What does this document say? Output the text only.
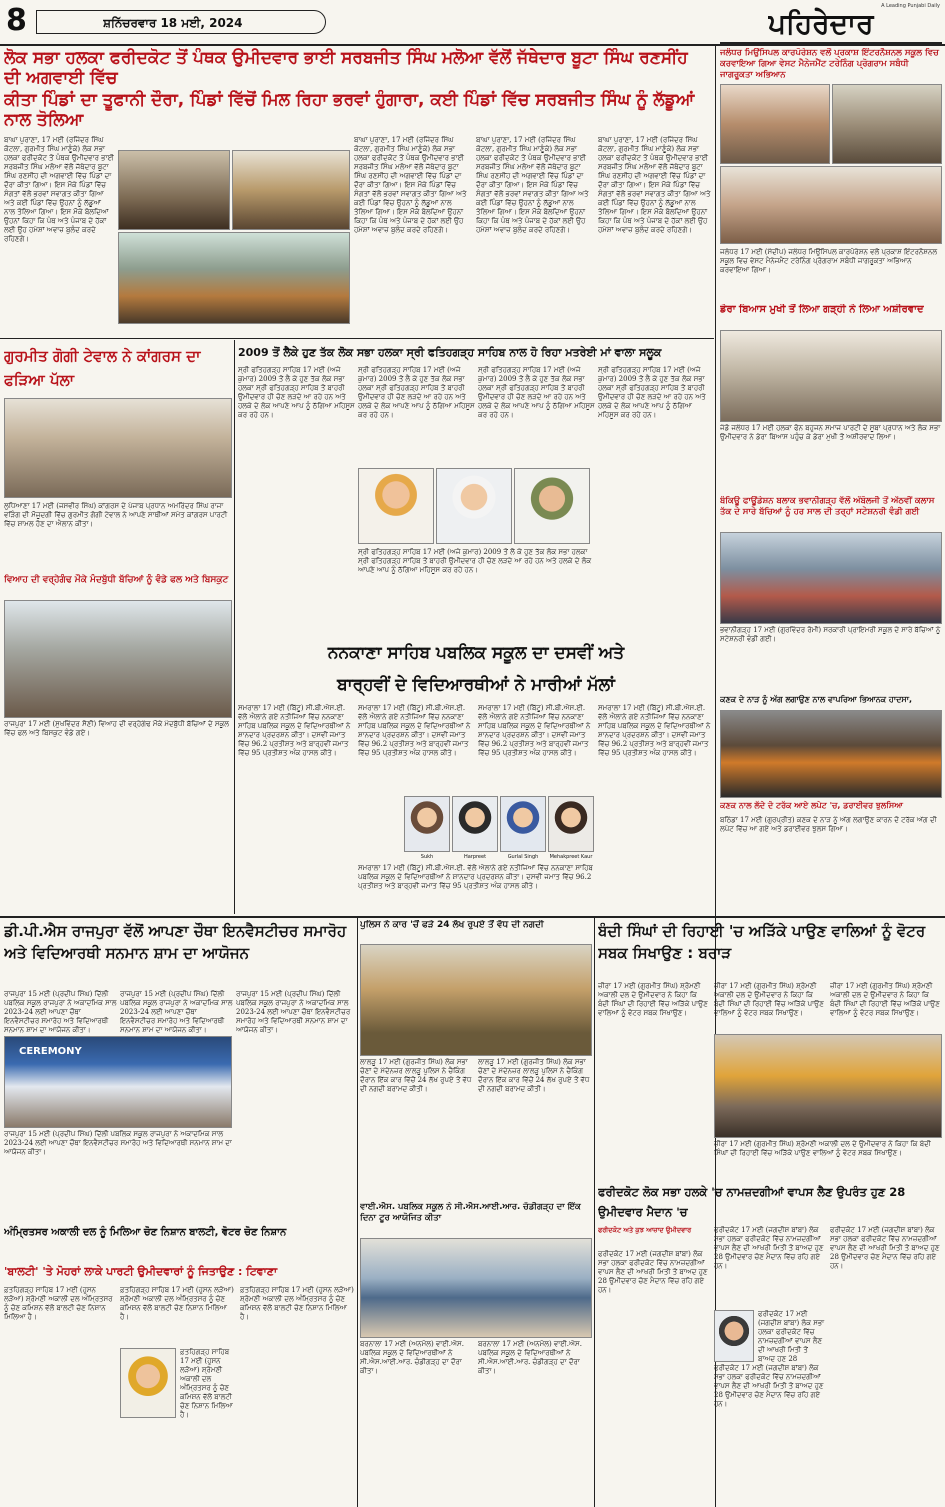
8	ਸ਼ਨਿੱਚਰਵਾਰ 18 ਮਈ, 2024	ਪਹਿਰੇਦਾਰ
A Leading Punjabi Daily
ਲੋਕ ਸਭਾ ਹਲਕਾ ਫਰੀਦਕੋਟ ਤੋਂ ਪੰਥਕ ਉਮੀਦਵਾਰ ਭਾਈ ਸਰਬਜੀਤ ਸਿੰਘ ਮਲੋਆ ਵੱਲੋਂ ਜੱਥੇਦਾਰ ਬੂਟਾ ਸਿੰਘ ਰਣਸੀਂਹ ਦੀ ਅਗਵਾਈ ਵਿੱਚ
ਕੀਤਾ ਪਿੰਡਾਂ ਦਾ ਤੂਫਾਨੀ ਦੌਰਾ, ਪਿੰਡਾਂ ਵਿੱਚੋਂ ਮਿਲ ਰਿਹਾ ਭਰਵਾਂ ਹੁੰਗਾਰਾ, ਕਈ ਪਿੰਡਾਂ ਵਿੱਚ ਸਰਬਜੀਤ ਸਿੰਘ ਨੂੰ ਲੱਡੂਆਂ ਨਾਲ ਤੋਲਿਆ
ਬਾਘਾ ਪੁਰਾਣਾ, 17 ਮਈ (ਰਜਿੰਦਰ ਸਿੰਘ ਕੋਟਲਾ, ਗੁਰਮੀਤ ਸਿੰਘ ਮਾਣੂੰਕੇ) ਲੋਕ ਸਭਾ ਹਲਕਾ ਫਰੀਦਕੋਟ ਤੋਂ ਪੰਥਕ ਉਮੀਦਵਾਰ ਭਾਈ ਸਰਬਜੀਤ ਸਿੰਘ ਮਲੋਆ ਵੱਲੋਂ ਜੱਥੇਦਾਰ ਬੂਟਾ ਸਿੰਘ ਰਣਸੀਂਹ ਦੀ ਅਗਵਾਈ ਵਿੱਚ ਪਿੰਡਾਂ ਦਾ ਦੌਰਾ ਕੀਤਾ ਗਿਆ। ਇਸ ਮੌਕੇ ਪਿੰਡਾਂ ਵਿੱਚ ਸੰਗਤਾਂ ਵੱਲੋਂ ਭਰਵਾਂ ਸਵਾਗਤ ਕੀਤਾ ਗਿਆ ਅਤੇ ਕਈ ਪਿੰਡਾਂ ਵਿੱਚ ਉਹਨਾਂ ਨੂੰ ਲੱਡੂਆਂ ਨਾਲ ਤੋਲਿਆ ਗਿਆ। ਇਸ ਮੌਕੇ ਬੋਲਦਿਆਂ ਉਹਨਾਂ ਕਿਹਾ ਕਿ ਪੰਥ ਅਤੇ ਪੰਜਾਬ ਦੇ ਹੱਕਾਂ ਲਈ ਉਹ ਹਮੇਸ਼ਾਂ ਅਵਾਜ਼ ਬੁਲੰਦ ਕਰਦੇ ਰਹਿਣਗੇ।
ਬਾਘਾ ਪੁਰਾਣਾ, 17 ਮਈ (ਰਜਿੰਦਰ ਸਿੰਘ ਕੋਟਲਾ, ਗੁਰਮੀਤ ਸਿੰਘ ਮਾਣੂੰਕੇ) ਲੋਕ ਸਭਾ ਹਲਕਾ ਫਰੀਦਕੋਟ ਤੋਂ ਪੰਥਕ ਉਮੀਦਵਾਰ ਭਾਈ ਸਰਬਜੀਤ ਸਿੰਘ ਮਲੋਆ ਵੱਲੋਂ ਜੱਥੇਦਾਰ ਬੂਟਾ ਸਿੰਘ ਰਣਸੀਂਹ ਦੀ ਅਗਵਾਈ ਵਿੱਚ ਪਿੰਡਾਂ ਦਾ ਦੌਰਾ ਕੀਤਾ ਗਿਆ। ਇਸ ਮੌਕੇ ਪਿੰਡਾਂ ਵਿੱਚ ਸੰਗਤਾਂ ਵੱਲੋਂ ਭਰਵਾਂ ਸਵਾਗਤ ਕੀਤਾ ਗਿਆ ਅਤੇ ਕਈ ਪਿੰਡਾਂ ਵਿੱਚ ਉਹਨਾਂ ਨੂੰ ਲੱਡੂਆਂ ਨਾਲ ਤੋਲਿਆ ਗਿਆ। ਇਸ ਮੌਕੇ ਬੋਲਦਿਆਂ ਉਹਨਾਂ ਕਿਹਾ ਕਿ ਪੰਥ ਅਤੇ ਪੰਜਾਬ ਦੇ ਹੱਕਾਂ ਲਈ ਉਹ ਹਮੇਸ਼ਾਂ ਅਵਾਜ਼ ਬੁਲੰਦ ਕਰਦੇ ਰਹਿਣਗੇ।
ਬਾਘਾ ਪੁਰਾਣਾ, 17 ਮਈ (ਰਜਿੰਦਰ ਸਿੰਘ ਕੋਟਲਾ, ਗੁਰਮੀਤ ਸਿੰਘ ਮਾਣੂੰਕੇ) ਲੋਕ ਸਭਾ ਹਲਕਾ ਫਰੀਦਕੋਟ ਤੋਂ ਪੰਥਕ ਉਮੀਦਵਾਰ ਭਾਈ ਸਰਬਜੀਤ ਸਿੰਘ ਮਲੋਆ ਵੱਲੋਂ ਜੱਥੇਦਾਰ ਬੂਟਾ ਸਿੰਘ ਰਣਸੀਂਹ ਦੀ ਅਗਵਾਈ ਵਿੱਚ ਪਿੰਡਾਂ ਦਾ ਦੌਰਾ ਕੀਤਾ ਗਿਆ। ਇਸ ਮੌਕੇ ਪਿੰਡਾਂ ਵਿੱਚ ਸੰਗਤਾਂ ਵੱਲੋਂ ਭਰਵਾਂ ਸਵਾਗਤ ਕੀਤਾ ਗਿਆ ਅਤੇ ਕਈ ਪਿੰਡਾਂ ਵਿੱਚ ਉਹਨਾਂ ਨੂੰ ਲੱਡੂਆਂ ਨਾਲ ਤੋਲਿਆ ਗਿਆ। ਇਸ ਮੌਕੇ ਬੋਲਦਿਆਂ ਉਹਨਾਂ ਕਿਹਾ ਕਿ ਪੰਥ ਅਤੇ ਪੰਜਾਬ ਦੇ ਹੱਕਾਂ ਲਈ ਉਹ ਹਮੇਸ਼ਾਂ ਅਵਾਜ਼ ਬੁਲੰਦ ਕਰਦੇ ਰਹਿਣਗੇ।
ਬਾਘਾ ਪੁਰਾਣਾ, 17 ਮਈ (ਰਜਿੰਦਰ ਸਿੰਘ ਕੋਟਲਾ, ਗੁਰਮੀਤ ਸਿੰਘ ਮਾਣੂੰਕੇ) ਲੋਕ ਸਭਾ ਹਲਕਾ ਫਰੀਦਕੋਟ ਤੋਂ ਪੰਥਕ ਉਮੀਦਵਾਰ ਭਾਈ ਸਰਬਜੀਤ ਸਿੰਘ ਮਲੋਆ ਵੱਲੋਂ ਜੱਥੇਦਾਰ ਬੂਟਾ ਸਿੰਘ ਰਣਸੀਂਹ ਦੀ ਅਗਵਾਈ ਵਿੱਚ ਪਿੰਡਾਂ ਦਾ ਦੌਰਾ ਕੀਤਾ ਗਿਆ। ਇਸ ਮੌਕੇ ਪਿੰਡਾਂ ਵਿੱਚ ਸੰਗਤਾਂ ਵੱਲੋਂ ਭਰਵਾਂ ਸਵਾਗਤ ਕੀਤਾ ਗਿਆ ਅਤੇ ਕਈ ਪਿੰਡਾਂ ਵਿੱਚ ਉਹਨਾਂ ਨੂੰ ਲੱਡੂਆਂ ਨਾਲ ਤੋਲਿਆ ਗਿਆ। ਇਸ ਮੌਕੇ ਬੋਲਦਿਆਂ ਉਹਨਾਂ ਕਿਹਾ ਕਿ ਪੰਥ ਅਤੇ ਪੰਜਾਬ ਦੇ ਹੱਕਾਂ ਲਈ ਉਹ ਹਮੇਸ਼ਾਂ ਅਵਾਜ਼ ਬੁਲੰਦ ਕਰਦੇ ਰਹਿਣਗੇ।
ਜਲੰਧਰ ਮਿਉਂਸਿਪਲ ਕਾਰਪੋਰੇਸ਼ਨ ਵਲੋਂ ਪ੍ਰਕਾਸ਼ ਇੰਟਰਨੈਸ਼ਨਲ ਸਕੂਲ ਵਿਚ ਕਰਵਾਇਆ ਗਿਆ ਵੇਸਟ ਮੈਨੇਜਮੈਂਟ ਟਰੇਨਿੰਗ ਪ੍ਰੋਗਰਾਮ ਸਬੰਧੀ ਜਾਗਰੂਕਤਾ ਅਭਿਆਨ
ਜਲੰਧਰ 17 ਮਈ (ਸੰਦੀਪ) ਜਲੰਧਰ ਮਿਉਂਸਿਪਲ ਕਾਰਪੋਰੇਸ਼ਨ ਵਲੋਂ ਪ੍ਰਕਾਸ਼ ਇੰਟਰਨੈਸ਼ਨਲ ਸਕੂਲ ਵਿਚ ਵੇਸਟ ਮੈਨੇਜਮੈਂਟ ਟਰੇਨਿੰਗ ਪ੍ਰੋਗਰਾਮ ਸਬੰਧੀ ਜਾਗਰੂਕਤਾ ਅਭਿਆਨ ਕਰਵਾਇਆ ਗਿਆ।
ਡੇਰਾ ਬਿਆਸ ਮੁਖੀ ਤੋਂ ਲਿਆ ਗੜ੍ਹੀ ਨੇ ਲਿਆ ਅਸ਼ੀਰਵਾਦ
ਜੰਡੋ ਜਲੰਧਰ 17 ਮਈ ਹਲਕਾ ਫੋਨ ਬਹੁਜਨ ਸਮਾਜ ਪਾਰਟੀ ਦੇ ਸੂਬਾ ਪ੍ਰਧਾਨ ਅਤੇ ਲੋਕ ਸਭਾ ਉਮੀਦਵਾਰ ਨੇ ਡੇਰਾ ਬਿਆਸ ਪਹੁੰਚ ਕੇ ਡੇਰਾ ਮੁਖੀ ਤੋਂ ਅਸ਼ੀਰਵਾਦ ਲਿਆ।
ਬੰਕਿਊ ਫਾਊਂਡੇਸ਼ਨ ਬਲਾਕ ਭਵਾਨੀਗੜ੍ਹ ਵੱਲੋਂ ਅੰਬੋਲਜੀ ਤੋਂ ਅੱਠਵੀਂ ਕਲਾਸ ਤੱਕ ਦੇ ਸਾਰੇ ਬੱਚਿਆਂ ਨੂੰ ਹਰ ਸਾਲ ਦੀ ਤਰ੍ਹਾਂ ਸਟੇਸ਼ਨਰੀ ਵੰਡੀ ਗਈ
ਭਵਾਨੀਗੜ੍ਹ 17 ਮਈ (ਗੁਰਵਿੰਦਰ ਰੋਮੀ) ਸਰਕਾਰੀ ਪ੍ਰਾਇਮਰੀ ਸਕੂਲ ਦੇ ਸਾਰੇ ਬੱਚਿਆਂ ਨੂੰ ਸਟੇਸ਼ਨਰੀ ਵੰਡੀ ਗਈ।
ਕਣਕ ਦੇ ਨਾੜ ਨੂੰ ਅੱਗ ਲਗਾਉਣ ਨਾਲ ਵਾਪਰਿਆ ਭਿਆਨਕ ਹਾਦਸਾ,
ਕਣਕ ਨਾਲ ਲੱਦੇ ਦੋ ਟਰੱਕ ਆਏ ਲਪੇਟ 'ਚ, ਡਰਾਈਵਰ ਝੁਲਸਿਆ
ਬਠਿੰਡਾ 17 ਮਈ (ਗੁਰਪ੍ਰੀਤ) ਕਣਕ ਦੇ ਨਾੜ ਨੂੰ ਅੱਗ ਲਗਾਉਣ ਕਾਰਨ ਦੋ ਟਰੱਕ ਅੱਗ ਦੀ ਲਪੇਟ ਵਿੱਚ ਆ ਗਏ ਅਤੇ ਡਰਾਈਵਰ ਝੁਲਸ ਗਿਆ।
ਗੁਰਮੀਤ ਗੋਗੀ ਟੇਵਾਲ ਨੇ ਕਾਂਗਰਸ ਦਾ ਫੜਿਆ ਪੱਲਾ
ਲੁਧਿਆਣਾ 17 ਮਈ (ਜਸਵੀਰ ਸਿੰਘ) ਕਾਂਗਰਸ ਦੇ ਪੰਜਾਬ ਪ੍ਰਧਾਨ ਅਮਰਿੰਦਰ ਸਿੰਘ ਰਾਜਾ ਵੜਿੰਗ ਦੀ ਮੌਜੂਦਗੀ ਵਿੱਚ ਗੁਰਮੀਤ ਗੋਗੀ ਟੇਵਾਲ ਨੇ ਆਪਣੇ ਸਾਥੀਆਂ ਸਮੇਤ ਕਾਂਗਰਸ ਪਾਰਟੀ ਵਿੱਚ ਸ਼ਾਮਲ ਹੋਣ ਦਾ ਐਲਾਨ ਕੀਤਾ।
ਵਿਆਹ ਦੀ ਵਰ੍ਹੇਗੰਢ ਮੌਕੇ ਮੰਦਬੁੱਧੀ ਬੱਚਿਆਂ ਨੂੰ ਵੰਡੇ ਫਲ ਅਤੇ ਬਿਸਕੁਟ
ਰਾਜਪੁਰਾ 17 ਮਈ (ਸੁਖਵਿੰਦਰ ਸੈਣੀ) ਵਿਆਹ ਦੀ ਵਰ੍ਹੇਗੰਢ ਮੌਕੇ ਮੰਦਬੁੱਧੀ ਬੱਚਿਆਂ ਦੇ ਸਕੂਲ ਵਿੱਚ ਫਲ ਅਤੇ ਬਿਸਕੁਟ ਵੰਡੇ ਗਏ।
2009 ਤੋਂ ਲੈਕੇ ਹੁਣ ਤੱਕ ਲੋਕ ਸਭਾ ਹਲਕਾ ਸ੍ਰੀ ਫਤਿਹਗੜ੍ਹ ਸਾਹਿਬ ਨਾਲ ਹੋ ਰਿਹਾ ਮਤਰੇਈ ਮਾਂ ਵਾਲਾ ਸਲੂਕ
ਸ੍ਰੀ ਫਤਿਹਗੜ੍ਹ ਸਾਹਿਬ 17 ਮਈ (ਅਜੇ ਕੁਮਾਰ) 2009 ਤੋਂ ਲੈ ਕੇ ਹੁਣ ਤੱਕ ਲੋਕ ਸਭਾ ਹਲਕਾ ਸ੍ਰੀ ਫਤਿਹਗੜ੍ਹ ਸਾਹਿਬ ਤੋਂ ਬਾਹਰੀ ਉਮੀਦਵਾਰ ਹੀ ਚੋਣ ਲੜਦੇ ਆ ਰਹੇ ਹਨ ਅਤੇ ਹਲਕੇ ਦੇ ਲੋਕ ਆਪਣੇ ਆਪ ਨੂੰ ਠੱਗਿਆ ਮਹਿਸੂਸ ਕਰ ਰਹੇ ਹਨ।
ਸ੍ਰੀ ਫਤਿਹਗੜ੍ਹ ਸਾਹਿਬ 17 ਮਈ (ਅਜੇ ਕੁਮਾਰ) 2009 ਤੋਂ ਲੈ ਕੇ ਹੁਣ ਤੱਕ ਲੋਕ ਸਭਾ ਹਲਕਾ ਸ੍ਰੀ ਫਤਿਹਗੜ੍ਹ ਸਾਹਿਬ ਤੋਂ ਬਾਹਰੀ ਉਮੀਦਵਾਰ ਹੀ ਚੋਣ ਲੜਦੇ ਆ ਰਹੇ ਹਨ ਅਤੇ ਹਲਕੇ ਦੇ ਲੋਕ ਆਪਣੇ ਆਪ ਨੂੰ ਠੱਗਿਆ ਮਹਿਸੂਸ ਕਰ ਰਹੇ ਹਨ।
ਸ੍ਰੀ ਫਤਿਹਗੜ੍ਹ ਸਾਹਿਬ 17 ਮਈ (ਅਜੇ ਕੁਮਾਰ) 2009 ਤੋਂ ਲੈ ਕੇ ਹੁਣ ਤੱਕ ਲੋਕ ਸਭਾ ਹਲਕਾ ਸ੍ਰੀ ਫਤਿਹਗੜ੍ਹ ਸਾਹਿਬ ਤੋਂ ਬਾਹਰੀ ਉਮੀਦਵਾਰ ਹੀ ਚੋਣ ਲੜਦੇ ਆ ਰਹੇ ਹਨ ਅਤੇ ਹਲਕੇ ਦੇ ਲੋਕ ਆਪਣੇ ਆਪ ਨੂੰ ਠੱਗਿਆ ਮਹਿਸੂਸ ਕਰ ਰਹੇ ਹਨ।
ਸ੍ਰੀ ਫਤਿਹਗੜ੍ਹ ਸਾਹਿਬ 17 ਮਈ (ਅਜੇ ਕੁਮਾਰ) 2009 ਤੋਂ ਲੈ ਕੇ ਹੁਣ ਤੱਕ ਲੋਕ ਸਭਾ ਹਲਕਾ ਸ੍ਰੀ ਫਤਿਹਗੜ੍ਹ ਸਾਹਿਬ ਤੋਂ ਬਾਹਰੀ ਉਮੀਦਵਾਰ ਹੀ ਚੋਣ ਲੜਦੇ ਆ ਰਹੇ ਹਨ ਅਤੇ ਹਲਕੇ ਦੇ ਲੋਕ ਆਪਣੇ ਆਪ ਨੂੰ ਠੱਗਿਆ ਮਹਿਸੂਸ ਕਰ ਰਹੇ ਹਨ।
ਸ੍ਰੀ ਫਤਿਹਗੜ੍ਹ ਸਾਹਿਬ 17 ਮਈ (ਅਜੇ ਕੁਮਾਰ) 2009 ਤੋਂ ਲੈ ਕੇ ਹੁਣ ਤੱਕ ਲੋਕ ਸਭਾ ਹਲਕਾ ਸ੍ਰੀ ਫਤਿਹਗੜ੍ਹ ਸਾਹਿਬ ਤੋਂ ਬਾਹਰੀ ਉਮੀਦਵਾਰ ਹੀ ਚੋਣ ਲੜਦੇ ਆ ਰਹੇ ਹਨ ਅਤੇ ਹਲਕੇ ਦੇ ਲੋਕ ਆਪਣੇ ਆਪ ਨੂੰ ਠੱਗਿਆ ਮਹਿਸੂਸ ਕਰ ਰਹੇ ਹਨ।
ਨਨਕਾਣਾ ਸਾਹਿਬ ਪਬਲਿਕ ਸਕੂਲ ਦਾ ਦਸਵੀਂ ਅਤੇ
ਬਾਰ੍ਹਵੀਂ ਦੇ ਵਿਦਿਆਰਥੀਆਂ ਨੇ ਮਾਰੀਆਂ ਮੱਲਾਂ
ਸਮਰਾਲਾ 17 ਮਈ (ਬਿੱਟੂ) ਸੀ.ਬੀ.ਐਸ.ਈ. ਵੱਲੋਂ ਐਲਾਨੇ ਗਏ ਨਤੀਜਿਆਂ ਵਿੱਚ ਨਨਕਾਣਾ ਸਾਹਿਬ ਪਬਲਿਕ ਸਕੂਲ ਦੇ ਵਿਦਿਆਰਥੀਆਂ ਨੇ ਸ਼ਾਨਦਾਰ ਪ੍ਰਦਰਸ਼ਨ ਕੀਤਾ। ਦਸਵੀਂ ਜਮਾਤ ਵਿੱਚ 96.2 ਪ੍ਰਤੀਸ਼ਤ ਅਤੇ ਬਾਰ੍ਹਵੀਂ ਜਮਾਤ ਵਿੱਚ 95 ਪ੍ਰਤੀਸ਼ਤ ਅੰਕ ਹਾਸਲ ਕੀਤੇ।
ਸਮਰਾਲਾ 17 ਮਈ (ਬਿੱਟੂ) ਸੀ.ਬੀ.ਐਸ.ਈ. ਵੱਲੋਂ ਐਲਾਨੇ ਗਏ ਨਤੀਜਿਆਂ ਵਿੱਚ ਨਨਕਾਣਾ ਸਾਹਿਬ ਪਬਲਿਕ ਸਕੂਲ ਦੇ ਵਿਦਿਆਰਥੀਆਂ ਨੇ ਸ਼ਾਨਦਾਰ ਪ੍ਰਦਰਸ਼ਨ ਕੀਤਾ। ਦਸਵੀਂ ਜਮਾਤ ਵਿੱਚ 96.2 ਪ੍ਰਤੀਸ਼ਤ ਅਤੇ ਬਾਰ੍ਹਵੀਂ ਜਮਾਤ ਵਿੱਚ 95 ਪ੍ਰਤੀਸ਼ਤ ਅੰਕ ਹਾਸਲ ਕੀਤੇ।
ਸਮਰਾਲਾ 17 ਮਈ (ਬਿੱਟੂ) ਸੀ.ਬੀ.ਐਸ.ਈ. ਵੱਲੋਂ ਐਲਾਨੇ ਗਏ ਨਤੀਜਿਆਂ ਵਿੱਚ ਨਨਕਾਣਾ ਸਾਹਿਬ ਪਬਲਿਕ ਸਕੂਲ ਦੇ ਵਿਦਿਆਰਥੀਆਂ ਨੇ ਸ਼ਾਨਦਾਰ ਪ੍ਰਦਰਸ਼ਨ ਕੀਤਾ। ਦਸਵੀਂ ਜਮਾਤ ਵਿੱਚ 96.2 ਪ੍ਰਤੀਸ਼ਤ ਅਤੇ ਬਾਰ੍ਹਵੀਂ ਜਮਾਤ ਵਿੱਚ 95 ਪ੍ਰਤੀਸ਼ਤ ਅੰਕ ਹਾਸਲ ਕੀਤੇ।
ਸਮਰਾਲਾ 17 ਮਈ (ਬਿੱਟੂ) ਸੀ.ਬੀ.ਐਸ.ਈ. ਵੱਲੋਂ ਐਲਾਨੇ ਗਏ ਨਤੀਜਿਆਂ ਵਿੱਚ ਨਨਕਾਣਾ ਸਾਹਿਬ ਪਬਲਿਕ ਸਕੂਲ ਦੇ ਵਿਦਿਆਰਥੀਆਂ ਨੇ ਸ਼ਾਨਦਾਰ ਪ੍ਰਦਰਸ਼ਨ ਕੀਤਾ। ਦਸਵੀਂ ਜਮਾਤ ਵਿੱਚ 96.2 ਪ੍ਰਤੀਸ਼ਤ ਅਤੇ ਬਾਰ੍ਹਵੀਂ ਜਮਾਤ ਵਿੱਚ 95 ਪ੍ਰਤੀਸ਼ਤ ਅੰਕ ਹਾਸਲ ਕੀਤੇ।
Sukh	Harpreet	Gurlal Singh	Mehakpreet Kaur
ਸਮਰਾਲਾ 17 ਮਈ (ਬਿੱਟੂ) ਸੀ.ਬੀ.ਐਸ.ਈ. ਵੱਲੋਂ ਐਲਾਨੇ ਗਏ ਨਤੀਜਿਆਂ ਵਿੱਚ ਨਨਕਾਣਾ ਸਾਹਿਬ ਪਬਲਿਕ ਸਕੂਲ ਦੇ ਵਿਦਿਆਰਥੀਆਂ ਨੇ ਸ਼ਾਨਦਾਰ ਪ੍ਰਦਰਸ਼ਨ ਕੀਤਾ। ਦਸਵੀਂ ਜਮਾਤ ਵਿੱਚ 96.2 ਪ੍ਰਤੀਸ਼ਤ ਅਤੇ ਬਾਰ੍ਹਵੀਂ ਜਮਾਤ ਵਿੱਚ 95 ਪ੍ਰਤੀਸ਼ਤ ਅੰਕ ਹਾਸਲ ਕੀਤੇ।
ਡੀ.ਪੀ.ਐਸ ਰਾਜਪੁਰਾ ਵੱਲੋਂ ਆਪਣਾ ਚੌਥਾ ਇਨਵੈਸਟੀਚਰ ਸਮਾਰੋਹ ਅਤੇ ਵਿਦਿਆਰਥੀ ਸਨਮਾਨ ਸ਼ਾਮ ਦਾ ਆਯੋਜਨ
ਰਾਜਪੁਰਾ 15 ਮਈ (ਪ੍ਰਦੀਪ ਸਿੰਘ) ਦਿੱਲੀ ਪਬਲਿਕ ਸਕੂਲ ਰਾਜਪੁਰਾ ਨੇ ਅਕਾਦਮਿਕ ਸਾਲ 2023-24 ਲਈ ਆਪਣਾ ਚੌਥਾ ਇਨਵੈਸਟੀਚਰ ਸਮਾਰੋਹ ਅਤੇ ਵਿਦਿਆਰਥੀ ਸਨਮਾਨ ਸ਼ਾਮ ਦਾ ਆਯੋਜਨ ਕੀਤਾ।
ਰਾਜਪੁਰਾ 15 ਮਈ (ਪ੍ਰਦੀਪ ਸਿੰਘ) ਦਿੱਲੀ ਪਬਲਿਕ ਸਕੂਲ ਰਾਜਪੁਰਾ ਨੇ ਅਕਾਦਮਿਕ ਸਾਲ 2023-24 ਲਈ ਆਪਣਾ ਚੌਥਾ ਇਨਵੈਸਟੀਚਰ ਸਮਾਰੋਹ ਅਤੇ ਵਿਦਿਆਰਥੀ ਸਨਮਾਨ ਸ਼ਾਮ ਦਾ ਆਯੋਜਨ ਕੀਤਾ।
ਰਾਜਪੁਰਾ 15 ਮਈ (ਪ੍ਰਦੀਪ ਸਿੰਘ) ਦਿੱਲੀ ਪਬਲਿਕ ਸਕੂਲ ਰਾਜਪੁਰਾ ਨੇ ਅਕਾਦਮਿਕ ਸਾਲ 2023-24 ਲਈ ਆਪਣਾ ਚੌਥਾ ਇਨਵੈਸਟੀਚਰ ਸਮਾਰੋਹ ਅਤੇ ਵਿਦਿਆਰਥੀ ਸਨਮਾਨ ਸ਼ਾਮ ਦਾ ਆਯੋਜਨ ਕੀਤਾ।
CEREMONY
ਰਾਜਪੁਰਾ 15 ਮਈ (ਪ੍ਰਦੀਪ ਸਿੰਘ) ਦਿੱਲੀ ਪਬਲਿਕ ਸਕੂਲ ਰਾਜਪੁਰਾ ਨੇ ਅਕਾਦਮਿਕ ਸਾਲ 2023-24 ਲਈ ਆਪਣਾ ਚੌਥਾ ਇਨਵੈਸਟੀਚਰ ਸਮਾਰੋਹ ਅਤੇ ਵਿਦਿਆਰਥੀ ਸਨਮਾਨ ਸ਼ਾਮ ਦਾ ਆਯੋਜਨ ਕੀਤਾ।
ਅੰਮ੍ਰਿਤਸਰ ਅਕਾਲੀ ਦਲ ਨੂੰ ਮਿਲਿਆ ਚੋਣ ਨਿਸ਼ਾਨ ਬਾਲਟੀ, ਵੋਟਰ ਚੋਣ ਨਿਸ਼ਾਨ
'ਬਾਲਟੀ' 'ਤੇ ਮੋਹਰਾਂ ਲਾਕੇ ਪਾਰਟੀ ਉਮੀਦਵਾਰਾਂ ਨੂੰ ਜਿਤਾਉਣ : ਟਿਵਾਣਾ
ਫ਼ਤਹਿਗੜ੍ਹ ਸਾਹਿਬ 17 ਮਈ (ਹੁਸਨ ਲੜੋਆ) ਸ਼੍ਰੋਮਣੀ ਅਕਾਲੀ ਦਲ ਅੰਮ੍ਰਿਤਸਰ ਨੂੰ ਚੋਣ ਕਮਿਸ਼ਨ ਵੱਲੋਂ ਬਾਲਟੀ ਚੋਣ ਨਿਸ਼ਾਨ ਮਿਲਿਆ ਹੈ।
ਫ਼ਤਹਿਗੜ੍ਹ ਸਾਹਿਬ 17 ਮਈ (ਹੁਸਨ ਲੜੋਆ) ਸ਼੍ਰੋਮਣੀ ਅਕਾਲੀ ਦਲ ਅੰਮ੍ਰਿਤਸਰ ਨੂੰ ਚੋਣ ਕਮਿਸ਼ਨ ਵੱਲੋਂ ਬਾਲਟੀ ਚੋਣ ਨਿਸ਼ਾਨ ਮਿਲਿਆ ਹੈ।
ਫ਼ਤਹਿਗੜ੍ਹ ਸਾਹਿਬ 17 ਮਈ (ਹੁਸਨ ਲੜੋਆ) ਸ਼੍ਰੋਮਣੀ ਅਕਾਲੀ ਦਲ ਅੰਮ੍ਰਿਤਸਰ ਨੂੰ ਚੋਣ ਕਮਿਸ਼ਨ ਵੱਲੋਂ ਬਾਲਟੀ ਚੋਣ ਨਿਸ਼ਾਨ ਮਿਲਿਆ ਹੈ।
ਫ਼ਤਹਿਗੜ੍ਹ ਸਾਹਿਬ 17 ਮਈ (ਹੁਸਨ ਲੜੋਆ) ਸ਼੍ਰੋਮਣੀ ਅਕਾਲੀ ਦਲ ਅੰਮ੍ਰਿਤਸਰ ਨੂੰ ਚੋਣ ਕਮਿਸ਼ਨ ਵੱਲੋਂ ਬਾਲਟੀ ਚੋਣ ਨਿਸ਼ਾਨ ਮਿਲਿਆ ਹੈ।
ਪੁਲਿਸ ਨੇ ਕਾਰ 'ਚੋਂ ਫੜੇ 24 ਲੱਖ ਰੁਪਏ ਤੋਂ ਵੱਧ ਦੀ ਨਗਦੀ
ਲਾਲੜੂ 17 ਮਈ (ਗੁਰਜੀਤ ਸਿੰਘ) ਲੋਕ ਸਭਾ ਚੋਣਾਂ ਦੇ ਮੱਦੇਨਜ਼ਰ ਲਾਲੜੂ ਪੁਲਿਸ ਨੇ ਚੈਕਿੰਗ ਦੌਰਾਨ ਇੱਕ ਕਾਰ ਵਿੱਚੋਂ 24 ਲੱਖ ਰੁਪਏ ਤੋਂ ਵੱਧ ਦੀ ਨਗਦੀ ਬਰਾਮਦ ਕੀਤੀ।
ਲਾਲੜੂ 17 ਮਈ (ਗੁਰਜੀਤ ਸਿੰਘ) ਲੋਕ ਸਭਾ ਚੋਣਾਂ ਦੇ ਮੱਦੇਨਜ਼ਰ ਲਾਲੜੂ ਪੁਲਿਸ ਨੇ ਚੈਕਿੰਗ ਦੌਰਾਨ ਇੱਕ ਕਾਰ ਵਿੱਚੋਂ 24 ਲੱਖ ਰੁਪਏ ਤੋਂ ਵੱਧ ਦੀ ਨਗਦੀ ਬਰਾਮਦ ਕੀਤੀ।
ਵਾਈ.ਐਸ. ਪਬਲਿਕ ਸਕੂਲ ਨੇ ਸੀ.ਐਸ.ਆਈ.ਆਰ. ਚੰਡੀਗੜ੍ਹ ਦਾ ਇੱਕ ਦਿਨਾ ਟੂਰ ਆਯੋਜਿਤ ਕੀਤਾ
ਬਰਨਾਲਾ 17 ਮਈ (ਅਨਮੋਲ) ਵਾਈ.ਐਸ. ਪਬਲਿਕ ਸਕੂਲ ਦੇ ਵਿਦਿਆਰਥੀਆਂ ਨੇ ਸੀ.ਐਸ.ਆਈ.ਆਰ. ਚੰਡੀਗੜ੍ਹ ਦਾ ਦੌਰਾ ਕੀਤਾ।
ਬਰਨਾਲਾ 17 ਮਈ (ਅਨਮੋਲ) ਵਾਈ.ਐਸ. ਪਬਲਿਕ ਸਕੂਲ ਦੇ ਵਿਦਿਆਰਥੀਆਂ ਨੇ ਸੀ.ਐਸ.ਆਈ.ਆਰ. ਚੰਡੀਗੜ੍ਹ ਦਾ ਦੌਰਾ ਕੀਤਾ।
ਬੰਦੀ ਸਿੰਘਾਂ ਦੀ ਰਿਹਾਈ 'ਚ ਅੜਿੱਕੇ ਪਾਉਣ ਵਾਲਿਆਂ ਨੂੰ ਵੋਟਰ ਸਬਕ ਸਿਖਾਉਣ : ਬਰਾੜ
ਜ਼ੀਰਾ 17 ਮਈ (ਗੁਰਮੀਤ ਸਿੰਘ) ਸ਼੍ਰੋਮਣੀ ਅਕਾਲੀ ਦਲ ਦੇ ਉਮੀਦਵਾਰ ਨੇ ਕਿਹਾ ਕਿ ਬੰਦੀ ਸਿੰਘਾਂ ਦੀ ਰਿਹਾਈ ਵਿੱਚ ਅੜਿੱਕੇ ਪਾਉਣ ਵਾਲਿਆਂ ਨੂੰ ਵੋਟਰ ਸਬਕ ਸਿਖਾਉਣ।
ਜ਼ੀਰਾ 17 ਮਈ (ਗੁਰਮੀਤ ਸਿੰਘ) ਸ਼੍ਰੋਮਣੀ ਅਕਾਲੀ ਦਲ ਦੇ ਉਮੀਦਵਾਰ ਨੇ ਕਿਹਾ ਕਿ ਬੰਦੀ ਸਿੰਘਾਂ ਦੀ ਰਿਹਾਈ ਵਿੱਚ ਅੜਿੱਕੇ ਪਾਉਣ ਵਾਲਿਆਂ ਨੂੰ ਵੋਟਰ ਸਬਕ ਸਿਖਾਉਣ।
ਜ਼ੀਰਾ 17 ਮਈ (ਗੁਰਮੀਤ ਸਿੰਘ) ਸ਼੍ਰੋਮਣੀ ਅਕਾਲੀ ਦਲ ਦੇ ਉਮੀਦਵਾਰ ਨੇ ਕਿਹਾ ਕਿ ਬੰਦੀ ਸਿੰਘਾਂ ਦੀ ਰਿਹਾਈ ਵਿੱਚ ਅੜਿੱਕੇ ਪਾਉਣ ਵਾਲਿਆਂ ਨੂੰ ਵੋਟਰ ਸਬਕ ਸਿਖਾਉਣ।
ਜ਼ੀਰਾ 17 ਮਈ (ਗੁਰਮੀਤ ਸਿੰਘ) ਸ਼੍ਰੋਮਣੀ ਅਕਾਲੀ ਦਲ ਦੇ ਉਮੀਦਵਾਰ ਨੇ ਕਿਹਾ ਕਿ ਬੰਦੀ ਸਿੰਘਾਂ ਦੀ ਰਿਹਾਈ ਵਿੱਚ ਅੜਿੱਕੇ ਪਾਉਣ ਵਾਲਿਆਂ ਨੂੰ ਵੋਟਰ ਸਬਕ ਸਿਖਾਉਣ।
ਫਰੀਦਕੋਟ ਲੋਕ ਸਭਾ ਹਲਕੇ 'ਚ ਨਾਮਜ਼ਦਗੀਆਂ ਵਾਪਸ ਲੈਣ ਉਪਰੰਤ ਹੁਣ 28 ਉਮੀਦਵਾਰ ਮੈਦਾਨ 'ਚ
ਫਰੀਦਕੋਟ ਅਤੇ ਕੁਝ ਆਜ਼ਾਦ ਉਮੀਦਵਾਰ
ਫਰੀਦਕੋਟ 17 ਮਈ (ਜਗਦੀਸ਼ ਬਾਂਬਾ) ਲੋਕ ਸਭਾ ਹਲਕਾ ਫਰੀਦਕੋਟ ਵਿੱਚ ਨਾਮਜ਼ਦਗੀਆਂ ਵਾਪਸ ਲੈਣ ਦੀ ਆਖਰੀ ਮਿਤੀ ਤੋਂ ਬਾਅਦ ਹੁਣ 28 ਉਮੀਦਵਾਰ ਚੋਣ ਮੈਦਾਨ ਵਿੱਚ ਰਹਿ ਗਏ ਹਨ।
ਫਰੀਦਕੋਟ 17 ਮਈ (ਜਗਦੀਸ਼ ਬਾਂਬਾ) ਲੋਕ ਸਭਾ ਹਲਕਾ ਫਰੀਦਕੋਟ ਵਿੱਚ ਨਾਮਜ਼ਦਗੀਆਂ ਵਾਪਸ ਲੈਣ ਦੀ ਆਖਰੀ ਮਿਤੀ ਤੋਂ ਬਾਅਦ ਹੁਣ 28 ਉਮੀਦਵਾਰ ਚੋਣ ਮੈਦਾਨ ਵਿੱਚ ਰਹਿ ਗਏ ਹਨ।
ਫਰੀਦਕੋਟ 17 ਮਈ (ਜਗਦੀਸ਼ ਬਾਂਬਾ) ਲੋਕ ਸਭਾ ਹਲਕਾ ਫਰੀਦਕੋਟ ਵਿੱਚ ਨਾਮਜ਼ਦਗੀਆਂ ਵਾਪਸ ਲੈਣ ਦੀ ਆਖਰੀ ਮਿਤੀ ਤੋਂ ਬਾਅਦ ਹੁਣ 28
ਫਰੀਦਕੋਟ 17 ਮਈ (ਜਗਦੀਸ਼ ਬਾਂਬਾ) ਲੋਕ ਸਭਾ ਹਲਕਾ ਫਰੀਦਕੋਟ ਵਿੱਚ ਨਾਮਜ਼ਦਗੀਆਂ ਵਾਪਸ ਲੈਣ ਦੀ ਆਖਰੀ ਮਿਤੀ ਤੋਂ ਬਾਅਦ ਹੁਣ 28 ਉਮੀਦਵਾਰ ਚੋਣ ਮੈਦਾਨ ਵਿੱਚ ਰਹਿ ਗਏ ਹਨ।
ਫਰੀਦਕੋਟ 17 ਮਈ (ਜਗਦੀਸ਼ ਬਾਂਬਾ) ਲੋਕ ਸਭਾ ਹਲਕਾ ਫਰੀਦਕੋਟ ਵਿੱਚ ਨਾਮਜ਼ਦਗੀਆਂ ਵਾਪਸ ਲੈਣ ਦੀ ਆਖਰੀ ਮਿਤੀ ਤੋਂ ਬਾਅਦ ਹੁਣ 28 ਉਮੀਦਵਾਰ ਚੋਣ ਮੈਦਾਨ ਵਿੱਚ ਰਹਿ ਗਏ ਹਨ।
